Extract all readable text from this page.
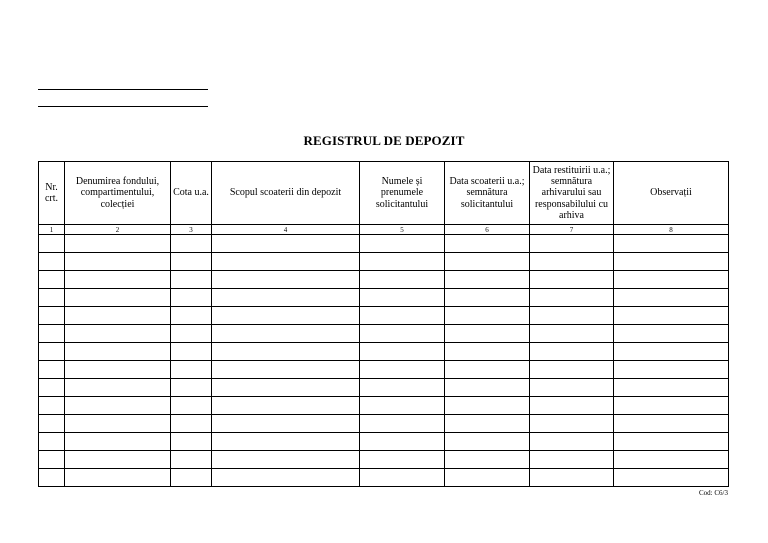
REGISTRUL DE DEPOZIT
Nr. crt.	Denumirea fondului, compartimentului, colecției	Cota u.a.	Scopul scoaterii din depozit	Numele și prenumele solicitantului	Data scoaterii u.a.; semnătura solicitantului	Data restituirii u.a.; semnătura arhivarului sau responsabilului cu arhiva	Observații
1	2	3	4	5	6	7	8

Cod: C6/3
